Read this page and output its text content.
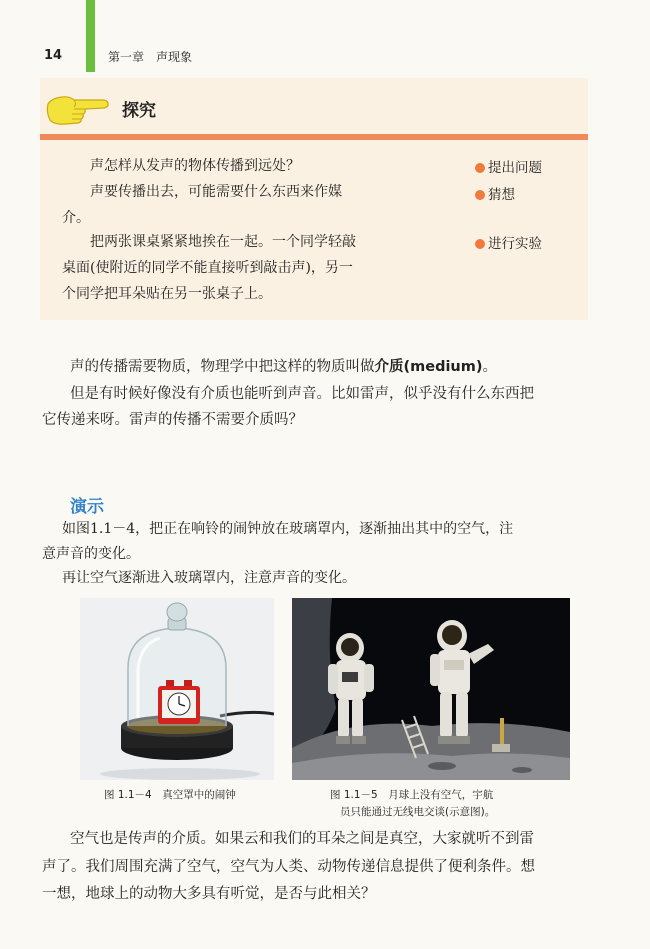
14	第一章　声现象
探究
声怎样从发声的物体传播到远处？
声要传播出去，可能需要什么东西来作媒
介。
把两张课桌紧紧地挨在一起。一个同学轻敲
桌面(使附近的同学不能直接听到敲击声)，另一
个同学把耳朵贴在另一张桌子上。
提出问题
猜想
进行实验
声的传播需要物质，物理学中把这样的物质叫做介质(medium)。
但是有时候好像没有介质也能听到声音。比如雷声，似乎没有什么东西把
它传递来呀。雷声的传播不需要介质吗？
演示
如图1.1－4，把正在响铃的闹钟放在玻璃罩内，逐渐抽出其中的空气，注
意声音的变化。
再让空气逐渐进入玻璃罩内，注意声音的变化。
图 1.1－4　真空罩中的闹钟	图 1.1－5　月球上没有空气，宇航
员只能通过无线电交谈(示意图)。
空气也是传声的介质。如果云和我们的耳朵之间是真空，大家就听不到雷
声了。我们周围充满了空气，空气为人类、动物传递信息提供了便利条件。想
一想，地球上的动物大多具有听觉，是否与此相关？
